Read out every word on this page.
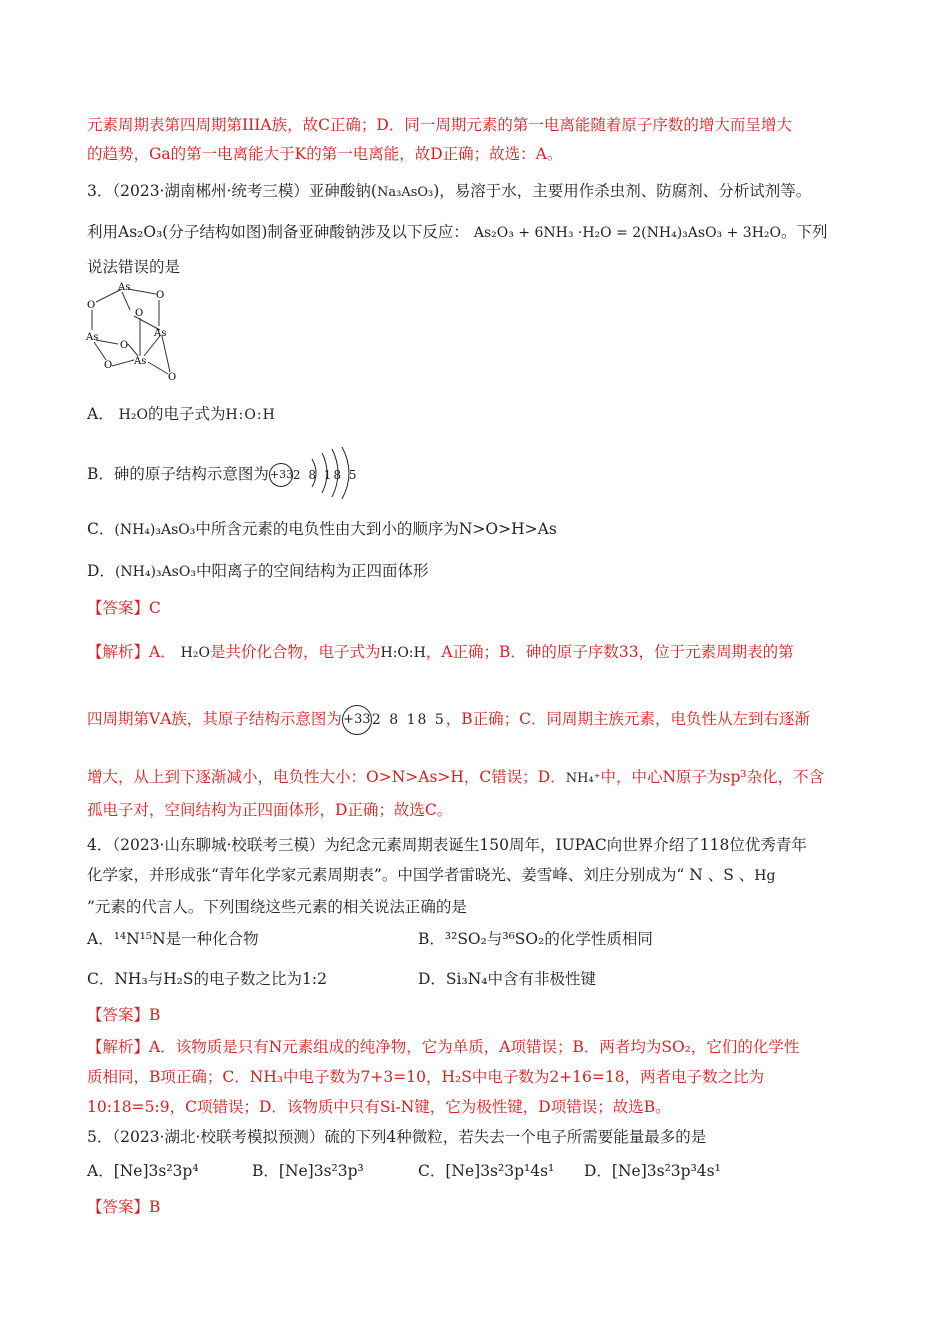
元素周期表第四周期第IIIA族，故C正确；D．同一周期元素的第一电离能随着原子序数的增大而呈增大
的趋势，Ga的第一电离能大于K的第一电离能，故D正确；故选：A。
3．（2023·湖南郴州·统考三模）亚砷酸钠(Na₃AsO₃)，易溶于水，主要用作杀虫剂、防腐剂、分析试剂等。
利用As₂O₃(分子结构如图)制备亚砷酸钠涉及以下反应： As₂O₃ + 6NH₃ ·H₂O = 2(NH₄)₃AsO₃ + 3H₂O。下列
说法错误的是
As
O
O
As
O
As
O
As
O
O
A． H₂O的电子式为H:O:H
B．砷的原子结构示意图为+332 8 18 5
C．(NH₄)₃AsO₃中所含元素的电负性由大到小的顺序为N>O>H>As
D．(NH₄)₃AsO₃中阳离子的空间结构为正四面体形
【答案】C
【解析】A． H₂O是共价化合物，电子式为H:O:H，A正确；B．砷的原子序数33，位于元素周期表的第
四周期第ⅤA族，其原子结构示意图为+332 8 18 5，B正确；C．同周期主族元素，电负性从左到右逐渐
增大，从上到下逐渐减小，电负性大小：O>N>As>H，C错误；D．NH₄⁺中，中心N原子为sp³杂化，不含
孤电子对，空间结构为正四面体形，D正确；故选C。
4．（2023·山东聊城·校联考三模）为纪念元素周期表诞生150周年，IUPAC向世界介绍了118位优秀青年
化学家，并形成张“青年化学家元素周期表”。中国学者雷晓光、姜雪峰、刘庄分别成为“ N 、S 、Hg
”元素的代言人。下列围绕这些元素的相关说法正确的是
A．¹⁴N¹⁵N是一种化合物	B．³²SO₂与³⁶SO₂的化学性质相同
C．NH₃与H₂S的电子数之比为1:2	D．Si₃N₄中含有非极性键
【答案】B
【解析】A．该物质是只有N元素组成的纯净物，它为单质，A项错误；B．两者均为SO₂，它们的化学性
质相同，B项正确；C．NH₃中电子数为7+3=10，H₂S中电子数为2+16=18，两者电子数之比为
10:18=5:9，C项错误；D．该物质中只有Si-N键，它为极性键，D项错误；故选B。
5．（2023·湖北·校联考模拟预测）硫的下列4种微粒，若失去一个电子所需要能量最多的是
A．[Ne]3s²3p⁴	B．[Ne]3s²3p³	C．[Ne]3s²3p¹4s¹ D．[Ne]3s²3p³4s¹
【答案】B
